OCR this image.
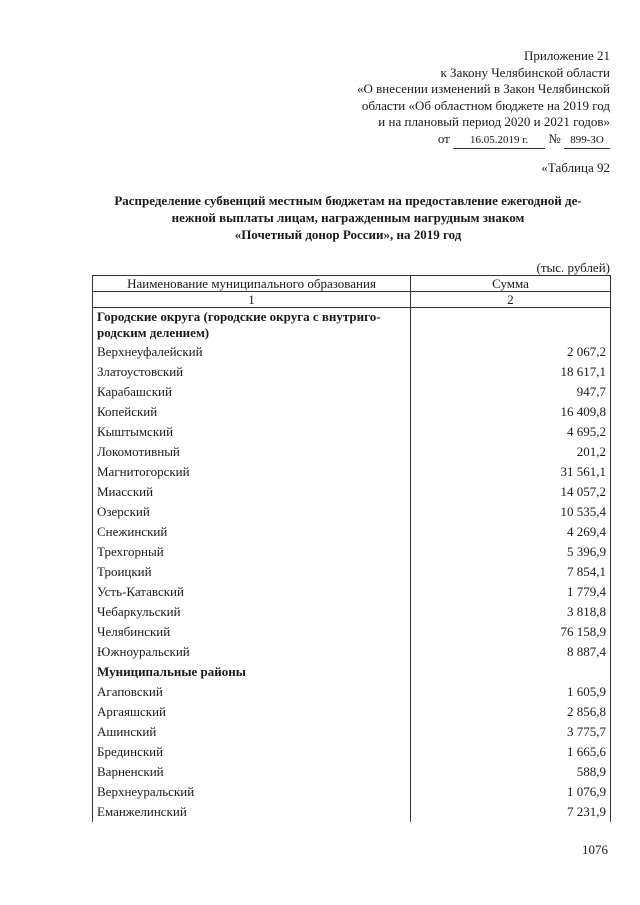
Приложение 21
к Закону Челябинской области
«О внесении изменений в Закон Челябинской
области «Об областном бюджете на 2019 год
и на плановый период 2020 и 2021 годов»
от 16.05.2019 г. № 899-ЗО
«Таблица 92
Распределение субвенций местным бюджетам на предоставление ежегодной де-
нежной выплаты лицам, награжденным нагрудным знаком
«Почетный донор России», на 2019 год
(тыс. рублей)
Наименование муниципального образования	Сумма
1	2
Городские округа (городские округа с внутриго-родским делением)	
Верхнеуфалейский	2 067,2
Златоустовский	18 617,1
Карабашский	947,7
Копейский	16 409,8
Кыштымский	4 695,2
Локомотивный	201,2
Магнитогорский	31 561,1
Миасский	14 057,2
Озерский	10 535,4
Снежинский	4 269,4
Трехгорный	5 396,9
Троицкий	7 854,1
Усть-Катавский	1 779,4
Чебаркульский	3 818,8
Челябинский	76 158,9
Южноуральский	8 887,4
Муниципальные районы	
Агаповский	1 605,9
Аргаяшский	2 856,8
Ашинский	3 775,7
Брединский	1 665,6
Варненский	588,9
Верхнеуральский	1 076,9
Еманжелинский	7 231,9
1076
